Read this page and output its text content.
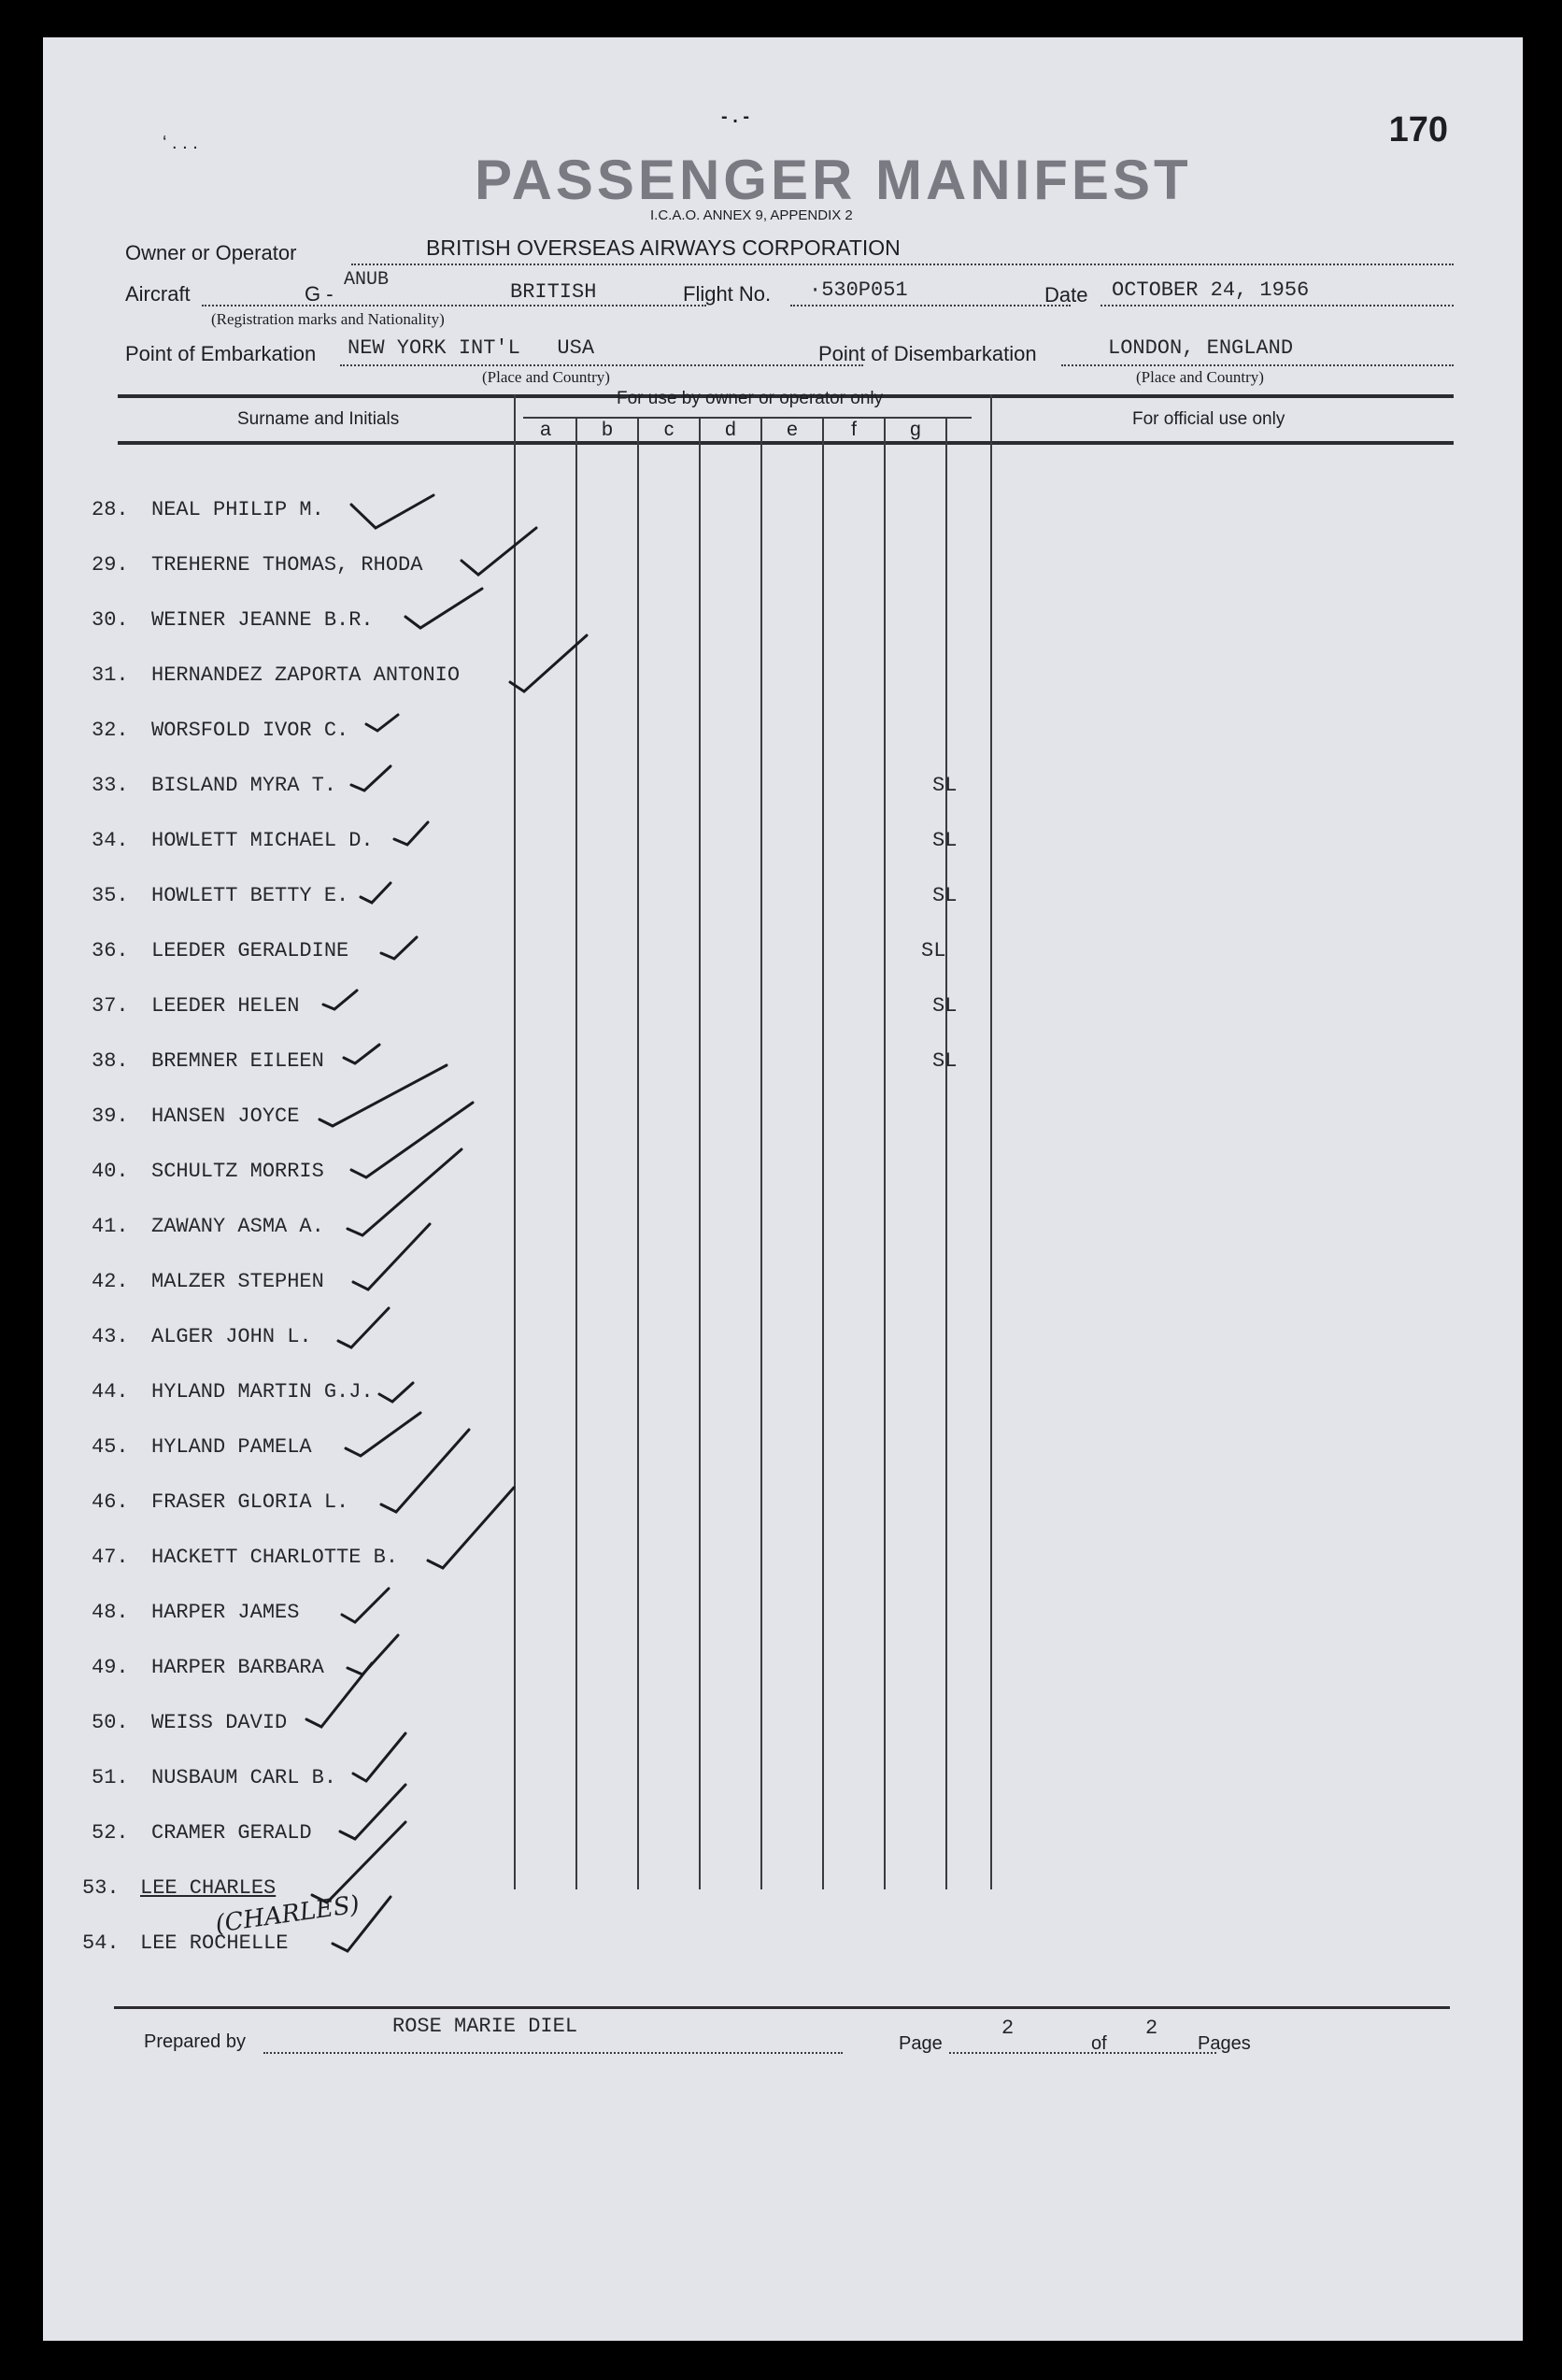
170
- . -
‘ . . .
PASSENGER MANIFEST
I.C.A.O. ANNEX 9, APPENDIX 2
Owner or Operator	BRITISH OVERSEAS AIRWAYS CORPORATION
Aircraft	G -
ANUB
BRITISH
(Registration marks and Nationality)
Flight No. ·530P051	Date OCTOBER 24, 1956
Point of Embarkation NEW YORK INT'L   USA
(Place and Country)
Point of Disembarkation	LONDON, ENGLAND
(Place and Country)
Surname and Initials
For use by owner or operator only
For official use only
a	b	c	d	e	f	g
28. NEAL PHILIP M.
29. TREHERNE THOMAS, RHODA
30. WEINER JEANNE B.R.
31. HERNANDEZ ZAPORTA ANTONIO
32. WORSFOLD IVOR C.
33. BISLAND MYRA T.	SL
34. HOWLETT MICHAEL D.	SL
35. HOWLETT BETTY E.	SL
36. LEEDER GERALDINE	SL
37. LEEDER HELEN	SL
38. BREMNER EILEEN	SL
39. HANSEN JOYCE
40. SCHULTZ MORRIS
41. ZAWANY ASMA A.
42. MALZER STEPHEN
43. ALGER JOHN L.
44. HYLAND MARTIN G.J.
45. HYLAND PAMELA
46. FRASER GLORIA L.
47. HACKETT CHARLOTTE B.
48. HARPER JAMES
49. HARPER BARBARA
50. WEISS DAVID
51. NUSBAUM CARL B.
52. CRAMER GERALD
53. LEE CHARLES
54. LEE ROCHELLE
(CHARLES)
Prepared by
ROSE MARIE DIEL
Page
2
of
2
Pages
